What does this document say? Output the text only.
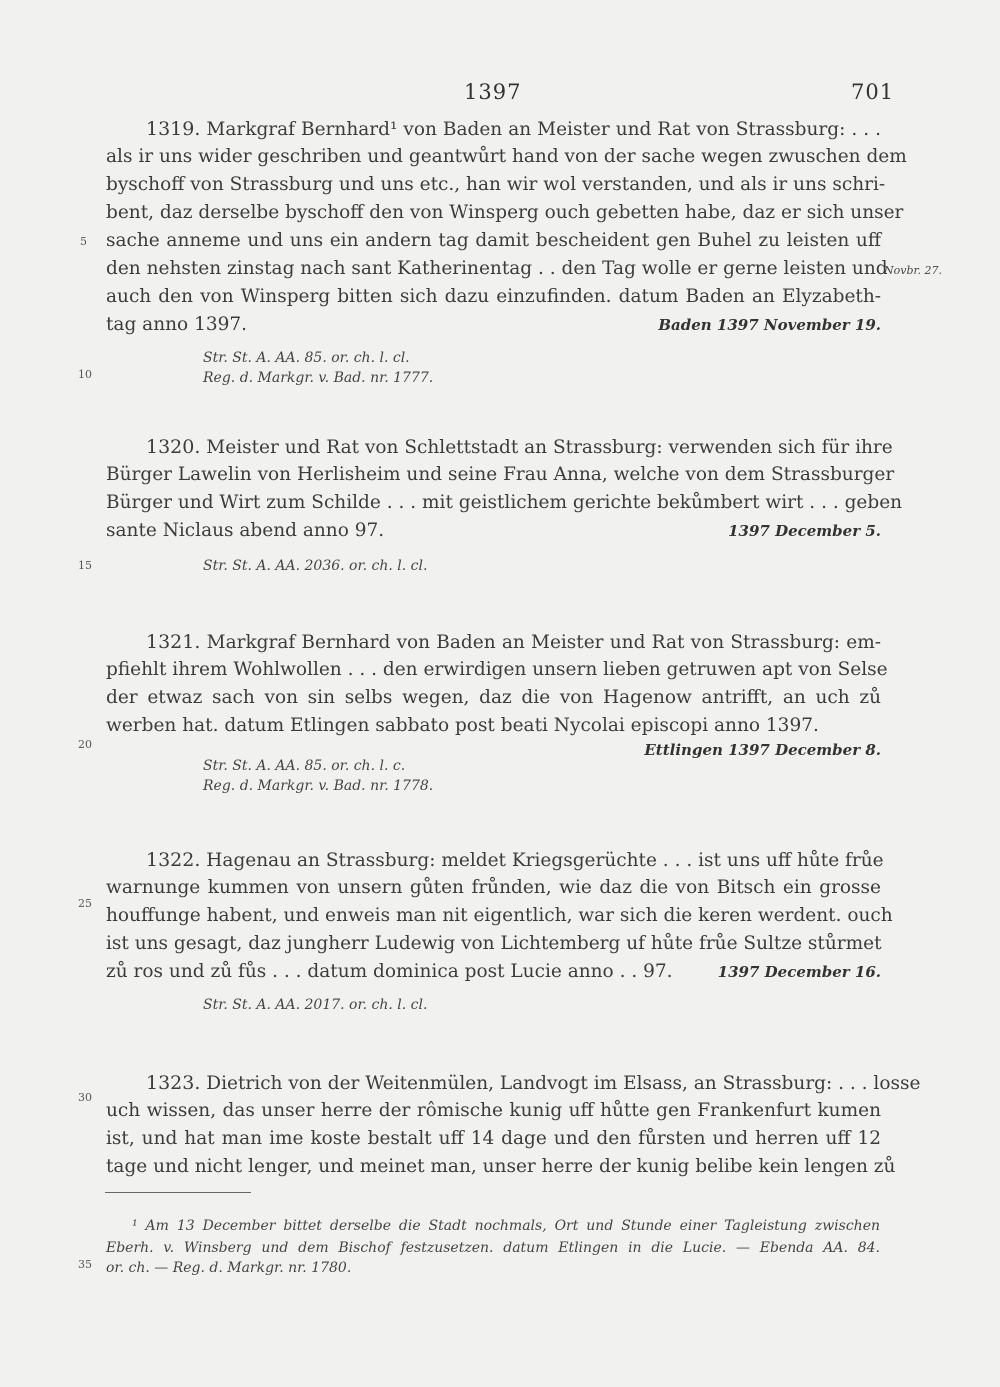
1397	701
5
10
15
20
25
30
35
1319. Markgraf Bernhard¹ von Baden an Meister und Rat von Strassburg: . . .
als ir uns wider geschriben und geantwůrt hand von der sache wegen zwuschen dem
byschoff von Strassburg und uns etc., han wir wol verstanden, und als ir uns schri-
bent, daz derselbe byschoff den von Winsperg ouch gebetten habe, daz er sich unser
sache anneme und uns ein andern tag damit bescheident gen Buhel zu leisten uff
den nehsten zinstag nach sant Katherinentag . . den Tag wolle er gerne leisten und
Novbr. 27.
auch den von Winsperg bitten sich dazu einzufinden. datum Baden an Elyzabeth-
tag anno 1397.	Baden 1397 November 19.
Str. St. A. AA. 85. or. ch. l. cl.
Reg. d. Markgr. v. Bad. nr. 1777.
1320. Meister und Rat von Schlettstadt an Strassburg: verwenden sich für ihre
Bürger Lawelin von Herlisheim und seine Frau Anna, welche von dem Strassburger
Bürger und Wirt zum Schilde . . . mit geistlichem gerichte bekůmbert wirt . . . geben
sante Niclaus abend anno 97.	1397 December 5.
Str. St. A. AA. 2036. or. ch. l. cl.
1321. Markgraf Bernhard von Baden an Meister und Rat von Strassburg: em-
pfiehlt ihrem Wohlwollen . . . den erwirdigen unsern lieben getruwen apt von Selse
der etwaz sach von sin selbs wegen, daz die von Hagenow antrifft, an uch zů
werben hat. datum Etlingen sabbato post beati Nycolai episcopi anno 1397.
Ettlingen 1397 December 8.
Str. St. A. AA. 85. or. ch. l. c.
Reg. d. Markgr. v. Bad. nr. 1778.
1322. Hagenau an Strassburg: meldet Kriegsgerüchte . . . ist uns uff hůte frůe
warnunge kummen von unsern gůten frůnden, wie daz die von Bitsch ein grosse
houffunge habent, und enweis man nit eigentlich, war sich die keren werdent. ouch
ist uns gesagt, daz jungherr Ludewig von Lichtemberg uf hůte frůe Sultze stůrmet
zů ros und zů fůs . . . datum dominica post Lucie anno . . 97.	1397 December 16.
Str. St. A. AA. 2017. or. ch. l. cl.
1323. Dietrich von der Weitenmülen, Landvogt im Elsass, an Strassburg: . . . losse
uch wissen, das unser herre der rômische kunig uff hůtte gen Frankenfurt kumen
ist, und hat man ime koste bestalt uff 14 dage und den fůrsten und herren uff 12
tage und nicht lenger, und meinet man, unser herre der kunig belibe kein lengen zů
¹ Am 13 December bittet derselbe die Stadt nochmals, Ort und Stunde einer Tagleistung zwischen
Eberh. v. Winsberg und dem Bischof festzusetzen. datum Etlingen in die Lucie. — Ebenda AA. 84.
or. ch. — Reg. d. Markgr. nr. 1780.
